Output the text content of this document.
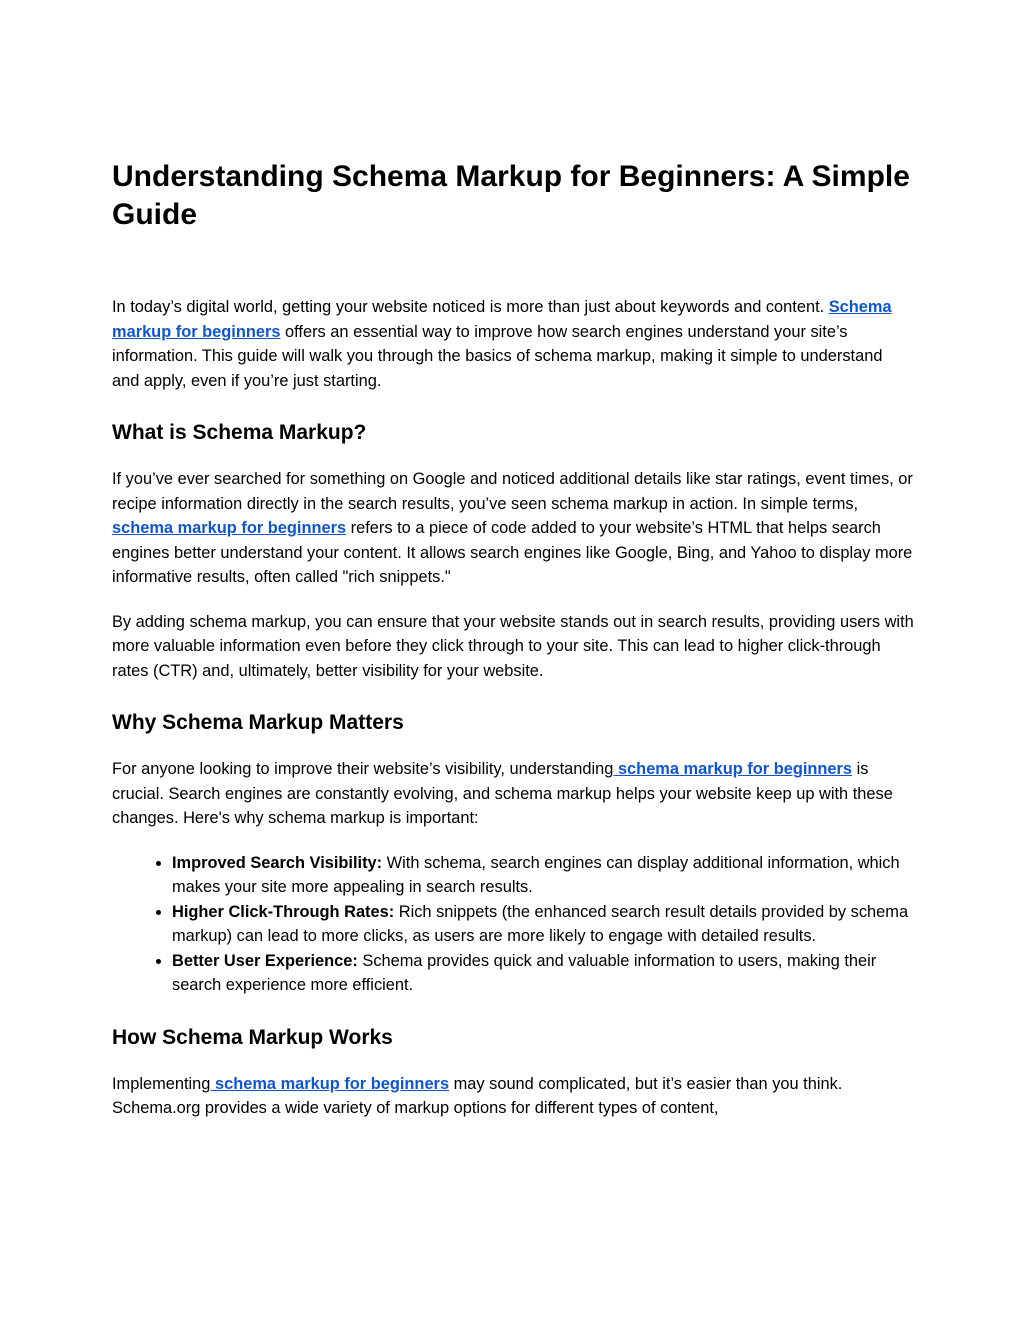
Understanding Schema Markup for Beginners: A Simple Guide

In today’s digital world, getting your website noticed is more than just about keywords and content. Schema markup for beginners offers an essential way to improve how search engines understand your site’s information. This guide will walk you through the basics of schema markup, making it simple to understand and apply, even if you’re just starting.

What is Schema Markup?

If you’ve ever searched for something on Google and noticed additional details like star ratings, event times, or recipe information directly in the search results, you’ve seen schema markup in action. In simple terms, schema markup for beginners refers to a piece of code added to your website’s HTML that helps search engines better understand your content. It allows search engines like Google, Bing, and Yahoo to display more informative results, often called "rich snippets."

By adding schema markup, you can ensure that your website stands out in search results, providing users with more valuable information even before they click through to your site. This can lead to higher click-through rates (CTR) and, ultimately, better visibility for your website.

Why Schema Markup Matters

For anyone looking to improve their website’s visibility, understanding schema markup for beginners is crucial. Search engines are constantly evolving, and schema markup helps your website keep up with these changes. Here's why schema markup is important:

• Improved Search Visibility: With schema, search engines can display additional information, which makes your site more appealing in search results.
• Higher Click-Through Rates: Rich snippets (the enhanced search result details provided by schema markup) can lead to more clicks, as users are more likely to engage with detailed results.
• Better User Experience: Schema provides quick and valuable information to users, making their search experience more efficient.
How Schema Markup Works

Implementing schema markup for beginners may sound complicated, but it’s easier than you think. Schema.org provides a wide variety of markup options for different types of content,
